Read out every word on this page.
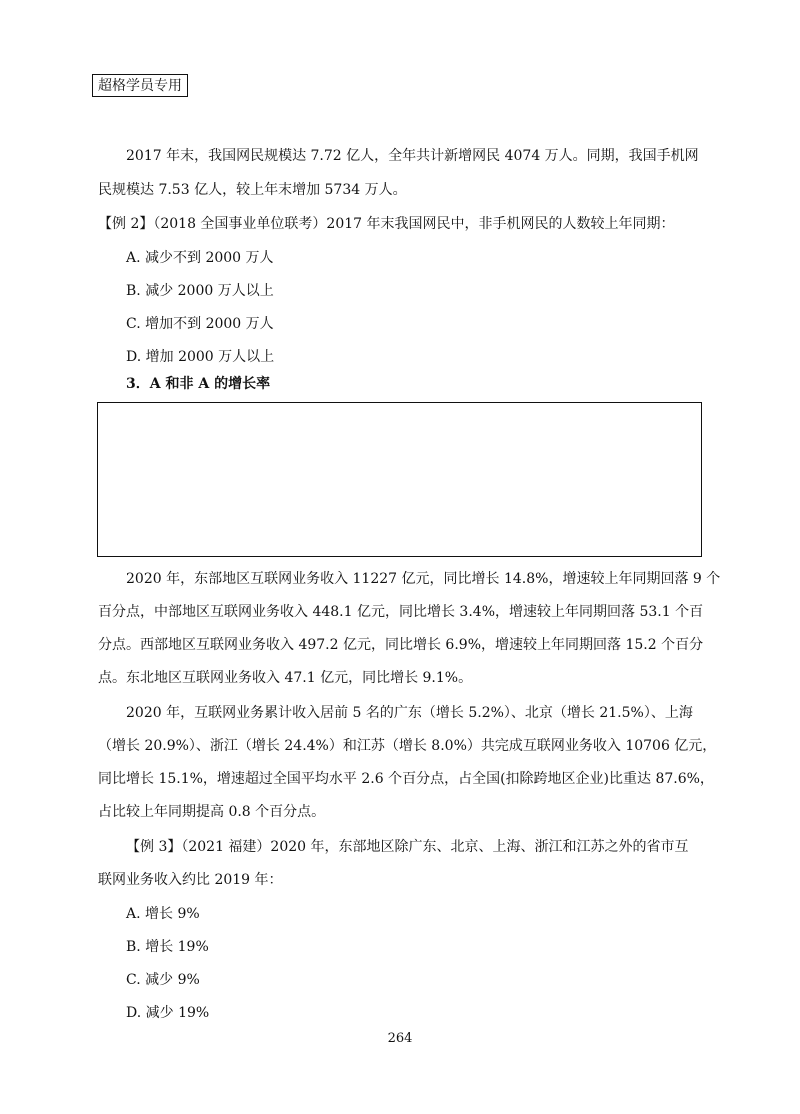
超格学员专用
2017 年末，我国网民规模达 7.72 亿人，全年共计新增网民 4074 万人。同期，我国手机网
民规模达 7.53 亿人，较上年末增加 5734 万人。
【例 2】（2018 全国事业单位联考）2017 年末我国网民中，非手机网民的人数较上年同期：
A. 减少不到 2000 万人
B. 减少 2000 万人以上
C. 增加不到 2000 万人
D. 增加 2000 万人以上
3．A 和非 A 的增长率
2020 年，东部地区互联网业务收入 11227 亿元，同比增长 14.8%，增速较上年同期回落 9 个
百分点，中部地区互联网业务收入 448.1 亿元，同比增长 3.4%，增速较上年同期回落 53.1 个百
分点。西部地区互联网业务收入 497.2 亿元，同比增长 6.9%，增速较上年同期回落 15.2 个百分
点。东北地区互联网业务收入 47.1 亿元，同比增长 9.1%。
2020 年，互联网业务累计收入居前 5 名的广东（增长 5.2%）、北京（增长 21.5%）、上海
（增长 20.9%）、浙江（增长 24.4%）和江苏（增长 8.0%）共完成互联网业务收入 10706 亿元，
同比增长 15.1%，增速超过全国平均水平 2.6 个百分点，占全国(扣除跨地区企业)比重达 87.6%，
占比较上年同期提高 0.8 个百分点。
【例 3】（2021 福建）2020 年，东部地区除广东、北京、上海、浙江和江苏之外的省市互
联网业务收入约比 2019 年：
A. 增长 9%
B. 增长 19%
C. 减少 9%
D. 减少 19%
264
